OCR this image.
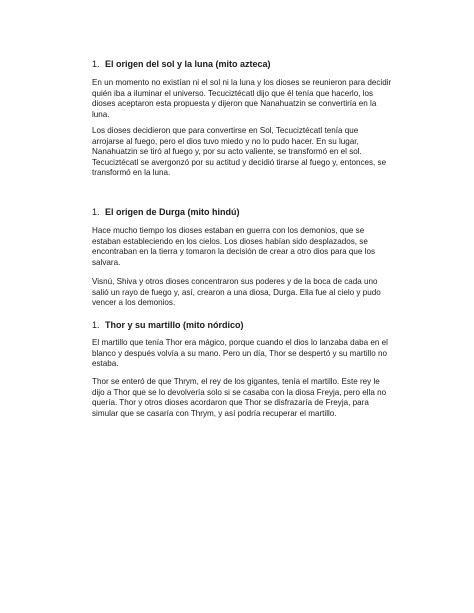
1. El origen del sol y la luna (mito azteca)

En un momento no existían ni el sol ni la luna y los dioses se reunieron para decidir quién iba a iluminar el universo. Tecuciztécatl dijo que él tenía que hacerlo, los dioses aceptaron esta propuesta y dijeron que Nanahuatzin se convertiría en la luna.

Los dioses decidieron que para convertirse en Sol, Tecuciztécatl tenía que arrojarse al fuego, pero el dios tuvo miedo y no lo pudo hacer. En su lugar, Nanahuatzin se tiró al fuego y, por su acto valiente, se transformó en el sol. Tecuciztécatl se avergonzó por su actitud y decidió tirarse al fuego y, entonces, se transformó en la luna.

1. El origen de Durga (mito hindú)

Hace mucho tiempo los dioses estaban en guerra con los demonios, que se estaban estableciendo en los cielos. Los dioses habían sido desplazados, se encontraban en la tierra y tomaron la decisión de crear a otro dios para que los salvara.

Visnú, Shiva y otros dioses concentraron sus poderes y de la boca de cada uno salió un rayo de fuego y, así, crearon a una diosa, Durga. Ella fue al cielo y pudo vencer a los demonios.

1. Thor y su martillo (mito nórdico)

El martillo que tenía Thor era mágico, porque cuando el dios lo lanzaba daba en el blanco y después volvía a su mano. Pero un día, Thor se despertó y su martillo no estaba.

Thor se enteró de que Thrym, el rey de los gigantes, tenía el martillo. Este rey le dijo a Thor que se lo devolvería solo si se casaba con la diosa Freyja, pero ella no quería. Thor y otros dioses acordaron que Thor se disfrazaría de Freyja, para simular que se casaría con Thrym, y así podría recuperar el martillo.
